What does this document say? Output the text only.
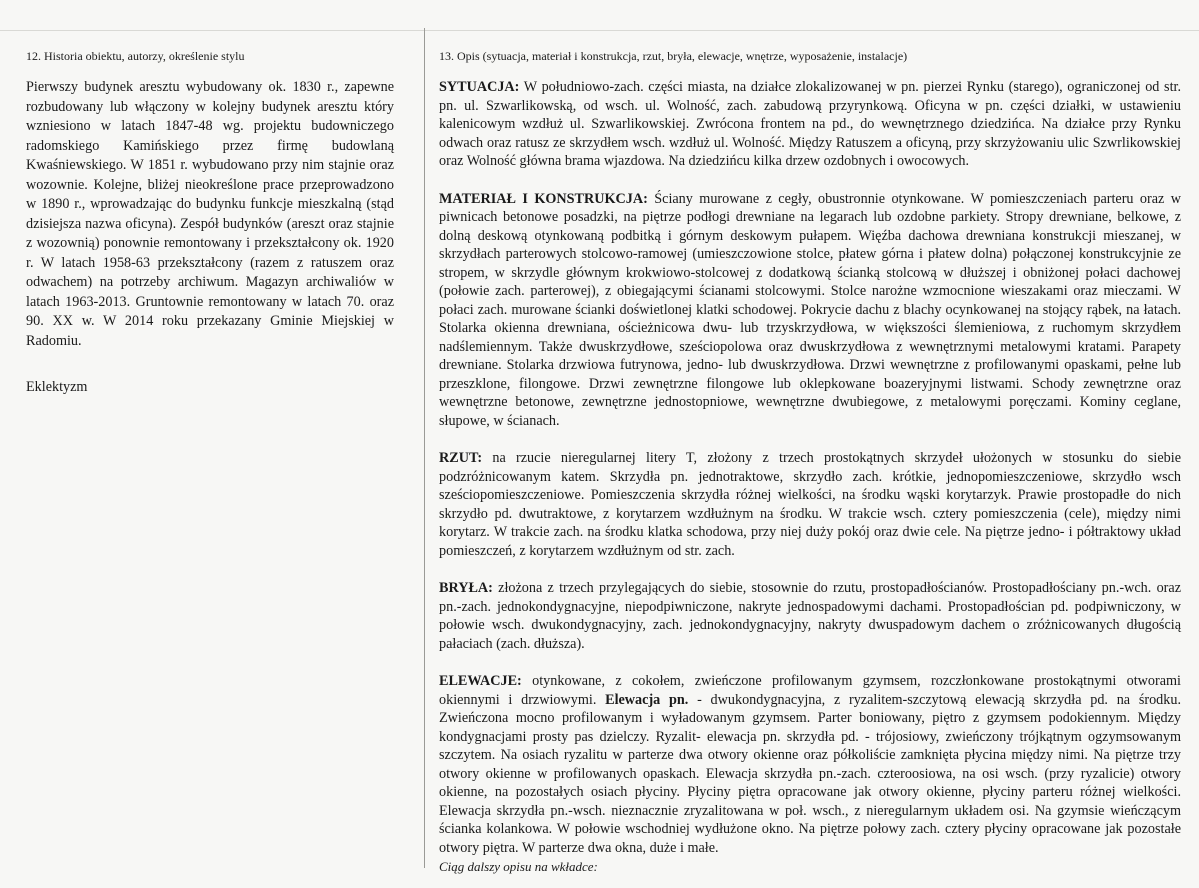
12. Historia obiektu, autorzy, określenie stylu

Pierwszy budynek aresztu wybudowany ok. 1830 r., zapewne rozbudowany lub włączony w kolejny budynek aresztu który wzniesiono w latach 1847-48 wg. projektu budowniczego radomskiego Kamińskiego przez firmę budowlaną Kwaśniewskiego. W 1851 r. wybudowano przy nim stajnie oraz wozownie. Kolejne, bliżej nieokreślone prace przeprowadzono w 1890 r., wprowadzając do budynku funkcje mieszkalną (stąd dzisiejsza nazwa oficyna). Zespół budynków (areszt oraz stajnie z wozownią) ponownie remontowany i przekształcony ok. 1920 r. W latach 1958-63 przekształcony (razem z ratuszem oraz odwachem) na potrzeby archiwum. Magazyn archiwaliów w latach 1963-2013. Gruntownie remontowany w latach 70. oraz 90. XX w. W 2014 roku przekazany Gminie Miejskiej w Radomiu.

Eklektyzm

13. Opis (sytuacja, materiał i konstrukcja, rzut, bryła, elewacje, wnętrze, wyposażenie, instalacje)

SYTUACJA: W południowo-zach. części miasta, na działce zlokalizowanej w pn. pierzei Rynku (starego), ograniczonej od str. pn. ul. Szwarlikowską, od wsch. ul. Wolność, zach. zabudową przyrynkową. Oficyna w pn. części działki, w ustawieniu kalenicowym wzdłuż ul. Szwarlikowskiej. Zwrócona frontem na pd., do wewnętrznego dziedzińca. Na działce przy Rynku odwach oraz ratusz ze skrzydłem wsch. wzdłuż ul. Wolność. Między Ratuszem a oficyną, przy skrzyżowaniu ulic Szwrlikowskiej oraz Wolność główna brama wjazdowa. Na dziedzińcu kilka drzew ozdobnych i owocowych.

MATERIAŁ I KONSTRUKCJA: Ściany murowane z cegły, obustronnie otynkowane. W pomieszczeniach parteru oraz w piwnicach betonowe posadzki, na piętrze podłogi drewniane na legarach lub ozdobne parkiety. Stropy drewniane, belkowe, z dolną deskową otynkowaną podbitką i górnym deskowym pułapem. Więźba dachowa drewniana konstrukcji mieszanej, w skrzydłach parterowych stolcowo-ramowej (umieszczowione stolce, płatew górna i płatew dolna) połączonej konstrukcyjnie ze stropem, w skrzydle głównym krokwiowo-stolcowej z dodatkową ścianką stolcową w dłuższej i obniżonej połaci dachowej (połowie zach. parterowej), z obiegającymi ścianami stolcowymi. Stolce narożne wzmocnione wieszakami oraz mieczami. W połaci zach. murowane ścianki doświetlonej klatki schodowej. Pokrycie dachu z blachy ocynkowanej na stojący rąbek, na łatach. Stolarka okienna drewniana, ościeżnicowa dwu- lub trzyskrzydłowa, w większości ślemieniowa, z ruchomym skrzydłem nadślemiennym. Także dwuskrzydłowe, sześciopolowa oraz dwuskrzydłowa z wewnętrznymi metalowymi kratami. Parapety drewniane. Stolarka drzwiowa futrynowa, jedno- lub dwuskrzydłowa. Drzwi wewnętrzne z profilowanymi opaskami, pełne lub przeszklone, filongowe. Drzwi zewnętrzne filongowe lub oklepkowane boazeryjnymi listwami. Schody zewnętrzne oraz wewnętrzne betonowe, zewnętrzne jednostopniowe, wewnętrzne dwubiegowe, z metalowymi poręczami. Kominy ceglane, słupowe, w ścianach.

RZUT: na rzucie nieregularnej litery T, złożony z trzech prostokątnych skrzydeł ułożonych w stosunku do siebie podzróżnicowanym katem. Skrzydła pn. jednotraktowe, skrzydło zach. krótkie, jednopomieszczeniowe, skrzydło wsch sześciopomieszczeniowe. Pomieszczenia skrzydła różnej wielkości, na środku wąski korytarzyk. Prawie prostopadłe do nich skrzydło pd. dwutraktowe, z korytarzem wzdłużnym na środku. W trakcie wsch. cztery pomieszczenia (cele), między nimi korytarz. W trakcie zach. na środku klatka schodowa, przy niej duży pokój oraz dwie cele. Na piętrze jedno- i półtraktowy układ pomieszczeń, z korytarzem wzdłużnym od str. zach.

BRYŁA: złożona z trzech przylegających do siebie, stosownie do rzutu, prostopadłościanów. Prostopadłościany pn.-wch. oraz pn.-zach. jednokondygnacyjne, niepodpiwniczone, nakryte jednospadowymi dachami. Prostopadłościan pd. podpiwniczony, w połowie wsch. dwukondygnacyjny, zach. jednokondygnacyjny, nakryty dwuspadowym dachem o zróżnicowanych długością pałaciach (zach. dłuższa).

ELEWACJE: otynkowane, z cokołem, zwieńczone profilowanym gzymsem, rozczłonkowane prostokątnymi otworami okiennymi i drzwiowymi. Elewacja pn. - dwukondygnacyjna, z ryzalitem-szczytową elewacją skrzydła pd. na środku. Zwieńczona mocno profilowanym i wyładowanym gzymsem. Parter boniowany, piętro z gzymsem podokiennym. Między kondygnacjami prosty pas dzielczy. Ryzalit- elewacja pn. skrzydła pd. - trójosiowy, zwieńczony trójkątnym ogzymsowanym szczytem. Na osiach ryzalitu w parterze dwa otwory okienne oraz półkoliście zamknięta płycina między nimi. Na piętrze trzy otwory okienne w profilowanych opaskach. Elewacja skrzydła pn.-zach. czteroosiowa, na osi wsch. (przy ryzalicie) otwory okienne, na pozostałych osiach płyciny. Płyciny piętra opracowane jak otwory okienne, płyciny parteru różnej wielkości. Elewacja skrzydła pn.-wsch. nieznacznie zryzalitowana w poł. wsch., z nieregularnym układem osi. Na gzymsie wieńczącym ścianka kolankowa. W połowie wschodniej wydłużone okno. Na piętrze połowy zach. cztery płyciny opracowane jak pozostałe otwory piętra. W parterze dwa okna, duże i małe.

Ciąg dalszy opisu na wkładce:
